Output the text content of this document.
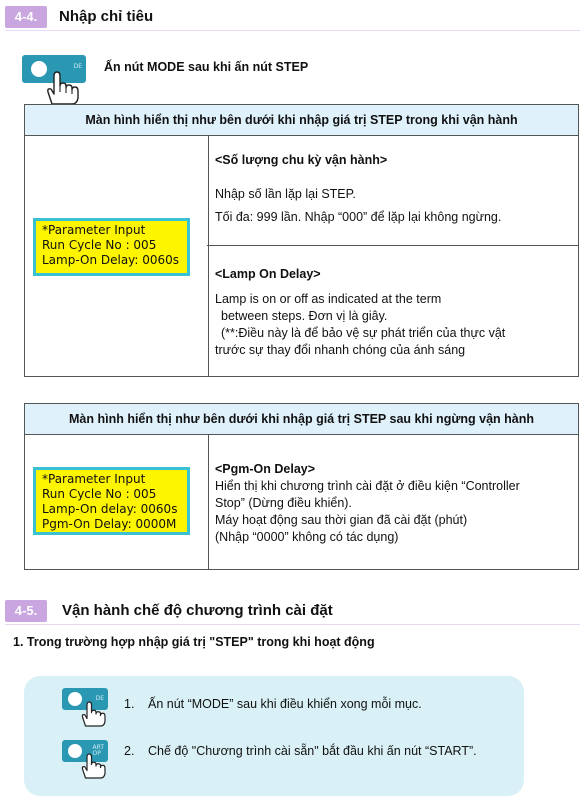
4-4.	Nhập chỉ tiêu
DE Ấn nút MODE sau khi ấn nút STEP
Màn hình hiển thị như bên dưới khi nhập giá trị STEP trong khi vận hành	

*Parameter Input
Run Cycle No : 005
Lamp-On Delay: 0060s
<Số lượng chu kỳ vận hành>
Nhập số lần lặp lại STEP.
Tối đa: 999 lần. Nhập “000” để lặp lại không ngừng.
<Lamp On Delay>
Lamp is on or off as indicated at the term
between steps. Đơn vị là giây.
(**:Điều này là để bảo vệ sự phát triển của thực vật
trước sự thay đổi nhanh chóng của ánh sáng
Màn hình hiển thị như bên dưới khi nhập giá trị STEP sau khi ngừng vận hành

*Parameter Input
Run Cycle No : 005
Lamp-On delay: 0060s
Pgm-On Delay: 0000M
<Pgm-On Delay>
Hiển thị khi chương trình cài đặt ở điều kiện “Controller
Stop” (Dừng điều khiển).
Máy hoạt động sau thời gian đã cài đặt (phút)
(Nhập “0000” không có tác dụng)
4-5.	Vận hành chế độ chương trình cài đặt
1. Trong trường hợp nhập giá trị "STEP" trong khi hoạt động
DE 1. Ấn nút “MODE” sau khi điều khiển xong mỗi mục.
ART
OP 2. Chế độ "Chương trình cài sẵn" bắt đầu khi ấn nút “START”.
